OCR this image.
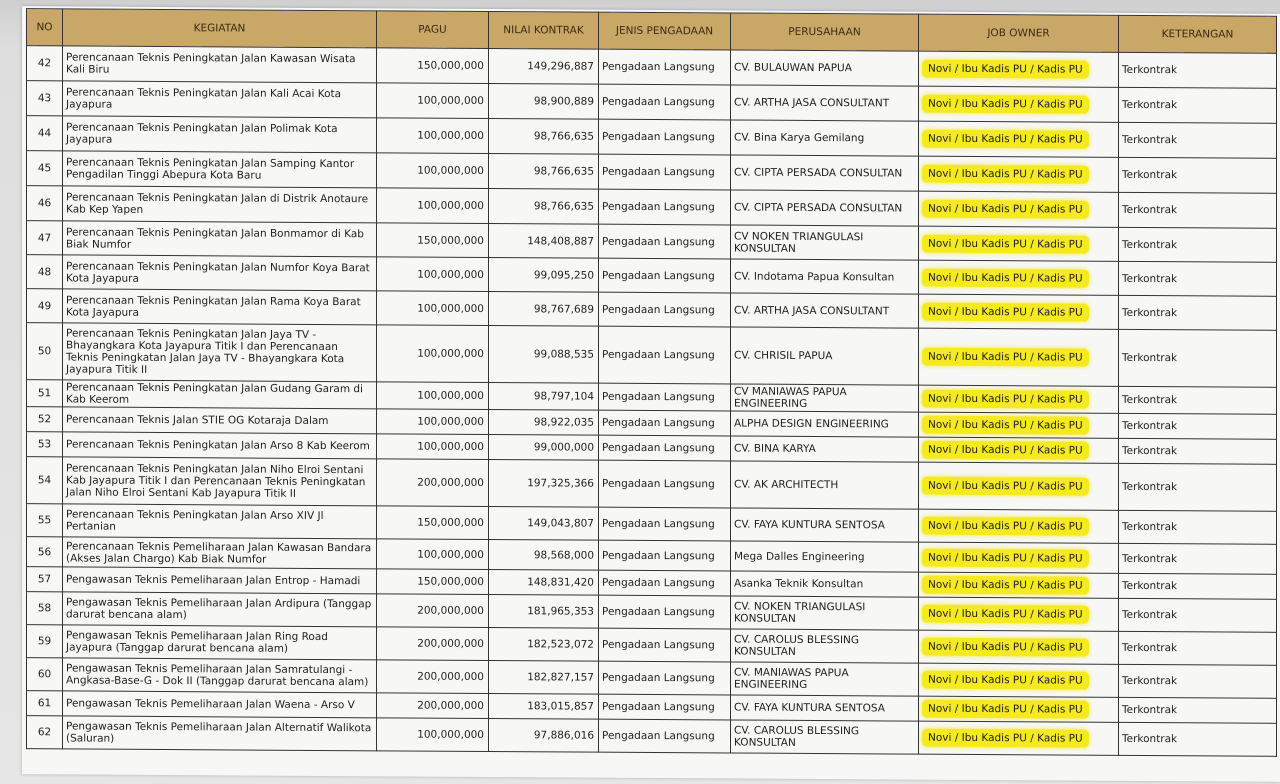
NO	KEGIATAN	PAGU	NILAI KONTRAK	JENIS PENGADAAN	PERUSAHAAN	JOB OWNER	KETERANGAN
42	Perencanaan Teknis Peningkatan Jalan Kawasan Wisata Kali Biru	150,000,000	149,296,887	Pengadaan Langsung	CV. BULAUWAN PAPUA	Novi / Ibu Kadis PU / Kadis PU	Terkontrak
43	Perencanaan Teknis Peningkatan Jalan Kali Acai Kota Jayapura	100,000,000	98,900,889	Pengadaan Langsung	CV. ARTHA JASA CONSULTANT	Novi / Ibu Kadis PU / Kadis PU	Terkontrak
44	Perencanaan Teknis Peningkatan Jalan Polimak Kota Jayapura	100,000,000	98,766,635	Pengadaan Langsung	CV. Bina Karya Gemilang	Novi / Ibu Kadis PU / Kadis PU	Terkontrak
45	Perencanaan Teknis Peningkatan Jalan Samping Kantor Pengadilan Tinggi Abepura Kota Baru	100,000,000	98,766,635	Pengadaan Langsung	CV. CIPTA PERSADA CONSULTAN	Novi / Ibu Kadis PU / Kadis PU	Terkontrak
46	Perencanaan Teknis Peningkatan Jalan di Distrik Anotaure Kab Kep Yapen	100,000,000	98,766,635	Pengadaan Langsung	CV. CIPTA PERSADA CONSULTAN	Novi / Ibu Kadis PU / Kadis PU	Terkontrak
47	Perencanaan Teknis Peningkatan Jalan Bonmamor di Kab Biak Numfor	150,000,000	148,408,887	Pengadaan Langsung	CV NOKEN TRIANGULASI KONSULTAN	Novi / Ibu Kadis PU / Kadis PU	Terkontrak
48	Perencanaan Teknis Peningkatan Jalan Numfor Koya Barat Kota Jayapura	100,000,000	99,095,250	Pengadaan Langsung	CV. Indotama Papua Konsultan	Novi / Ibu Kadis PU / Kadis PU	Terkontrak
49	Perencanaan Teknis Peningkatan Jalan Rama Koya Barat Kota Jayapura	100,000,000	98,767,689	Pengadaan Langsung	CV. ARTHA JASA CONSULTANT	Novi / Ibu Kadis PU / Kadis PU	Terkontrak
50	Perencanaan Teknis Peningkatan Jalan Jaya TV - Bhayangkara Kota Jayapura Titik I dan Perencanaan Teknis Peningkatan Jalan Jaya TV - Bhayangkara Kota Jayapura Titik II	100,000,000	99,088,535	Pengadaan Langsung	CV. CHRISIL PAPUA	Novi / Ibu Kadis PU / Kadis PU	Terkontrak
51	Perencanaan Teknis Peningkatan Jalan Gudang Garam di Kab Keerom	100,000,000	98,797,104	Pengadaan Langsung	CV MANIAWAS PAPUA ENGINEERING	Novi / Ibu Kadis PU / Kadis PU	Terkontrak
52	Perencanaan Teknis Jalan STIE OG Kotaraja Dalam	100,000,000	98,922,035	Pengadaan Langsung	ALPHA DESIGN ENGINEERING	Novi / Ibu Kadis PU / Kadis PU	Terkontrak
53	Perencanaan Teknis Peningkatan Jalan Arso 8 Kab Keerom	100,000,000	99,000,000	Pengadaan Langsung	CV. BINA KARYA	Novi / Ibu Kadis PU / Kadis PU	Terkontrak
54	Perencanaan Teknis Peningkatan Jalan Niho Elroi Sentani Kab Jayapura Titik I dan Perencanaan Teknis Peningkatan Jalan Niho Elroi Sentani Kab Jayapura Titik II	200,000,000	197,325,366	Pengadaan Langsung	CV. AK ARCHITECTH	Novi / Ibu Kadis PU / Kadis PU	Terkontrak
55	Perencanaan Teknis Peningkatan Jalan Arso XIV Jl Pertanian	150,000,000	149,043,807	Pengadaan Langsung	CV. FAYA KUNTURA SENTOSA	Novi / Ibu Kadis PU / Kadis PU	Terkontrak
56	Perencanaan Teknis Pemeliharaan Jalan Kawasan Bandara (Akses Jalan Chargo) Kab Biak Numfor	100,000,000	98,568,000	Pengadaan Langsung	Mega Dalles Engineering	Novi / Ibu Kadis PU / Kadis PU	Terkontrak
57	Pengawasan Teknis Pemeliharaan Jalan Entrop - Hamadi	150,000,000	148,831,420	Pengadaan Langsung	Asanka Teknik Konsultan	Novi / Ibu Kadis PU / Kadis PU	Terkontrak
58	Pengawasan Teknis Pemeliharaan Jalan Ardipura (Tanggap darurat bencana alam)	200,000,000	181,965,353	Pengadaan Langsung	CV. NOKEN TRIANGULASI KONSULTAN	Novi / Ibu Kadis PU / Kadis PU	Terkontrak
59	Pengawasan Teknis Pemeliharaan Jalan Ring Road Jayapura (Tanggap darurat bencana alam)	200,000,000	182,523,072	Pengadaan Langsung	CV. CAROLUS BLESSING KONSULTAN	Novi / Ibu Kadis PU / Kadis PU	Terkontrak
60	Pengawasan Teknis Pemeliharaan Jalan Samratulangi - Angkasa-Base-G - Dok II (Tanggap darurat bencana alam)	200,000,000	182,827,157	Pengadaan Langsung	CV. MANIAWAS PAPUA ENGINEERING	Novi / Ibu Kadis PU / Kadis PU	Terkontrak
61	Pengawasan Teknis Pemeliharaan Jalan Waena - Arso V	200,000,000	183,015,857	Pengadaan Langsung	CV. FAYA KUNTURA SENTOSA	Novi / Ibu Kadis PU / Kadis PU	Terkontrak
62	Pengawasan Teknis Pemeliharaan Jalan Alternatif Walikota (Saluran)	100,000,000	97,886,016	Pengadaan Langsung	CV. CAROLUS BLESSING KONSULTAN	Novi / Ibu Kadis PU / Kadis PU	Terkontrak
